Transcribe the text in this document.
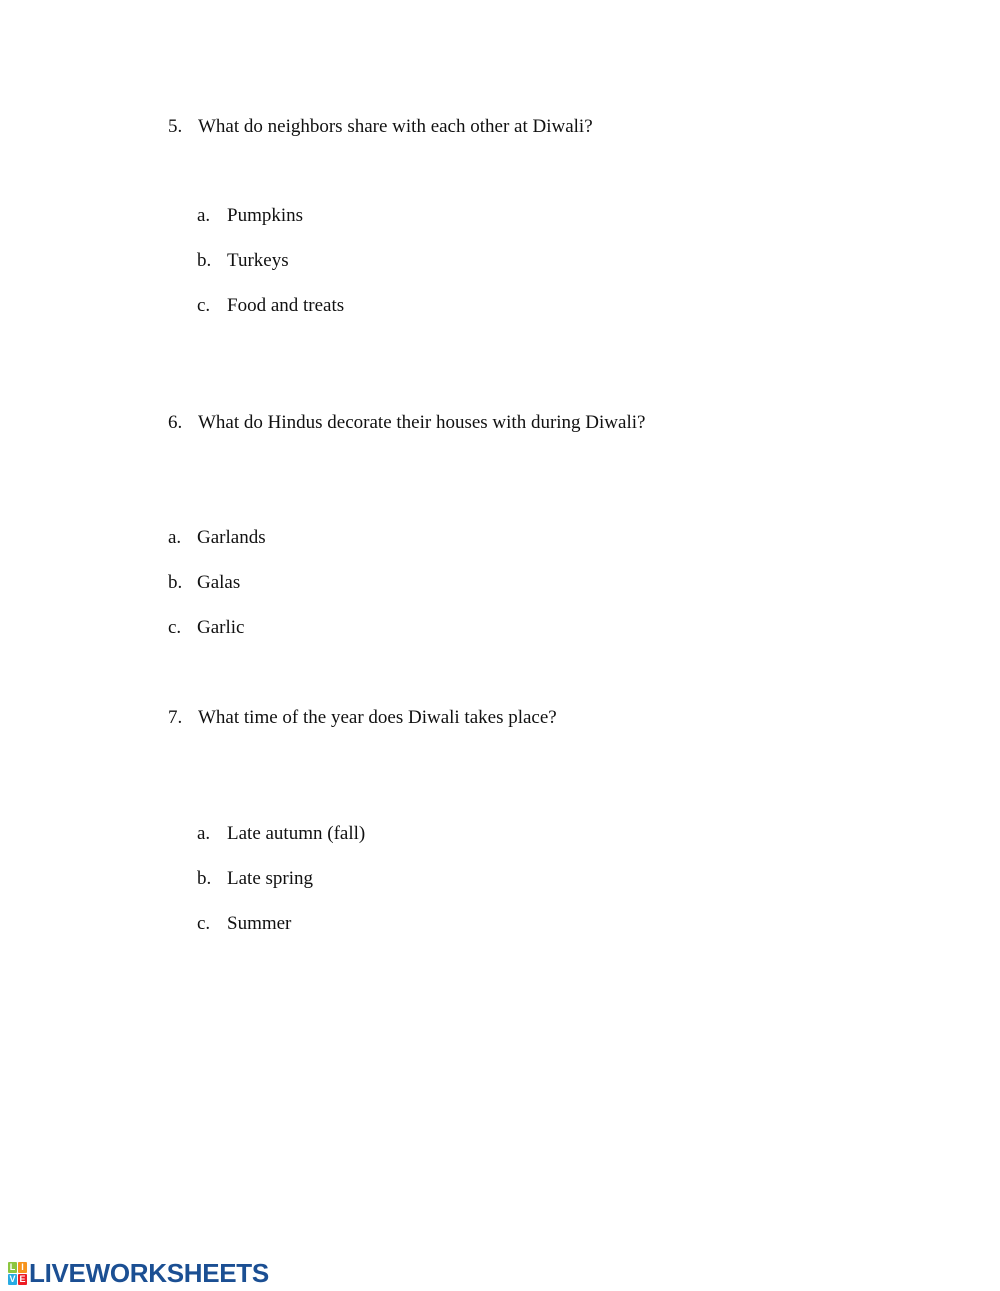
5. What do neighbors share with each other at Diwali?
a. Pumpkins
b. Turkeys
c. Food and treats
6. What do Hindus decorate their houses with during Diwali?
a. Garlands
b. Galas
c. Garlic
7. What time of the year does Diwali takes place?
a. Late autumn (fall)
b. Late spring
c. Summer
L I
V E LIVEWORKSHEETS
